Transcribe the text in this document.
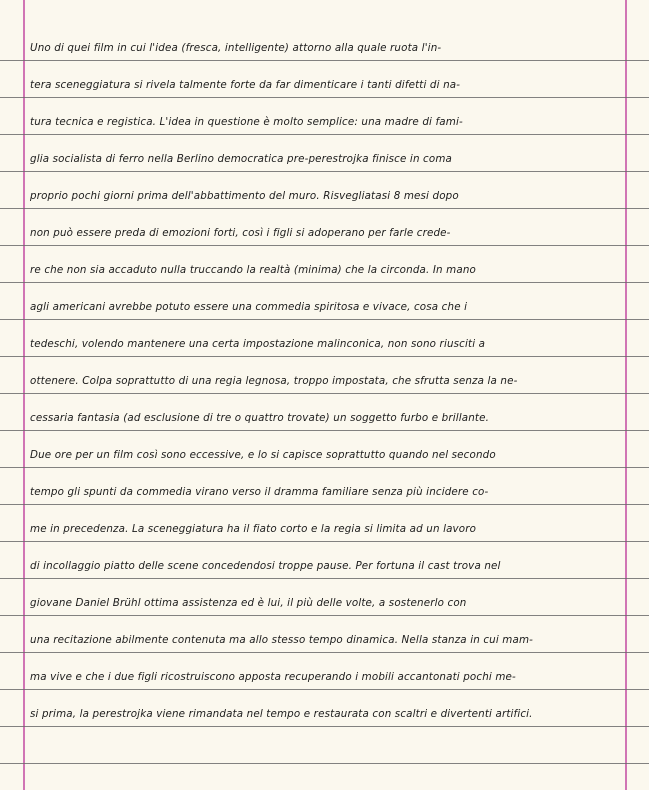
Uno di quei film in cui l'idea (fresca, intelligente) attorno alla quale ruota l'in-
tera sceneggiatura si rivela talmente forte da far dimenticare i tanti difetti di na-
tura tecnica e registica. L'idea in questione è molto semplice: una madre di fami-
glia socialista di ferro nella Berlino democratica pre-perestrojka finisce in coma
proprio pochi giorni prima dell'abbattimento del muro. Risvegliatasi 8 mesi dopo
non può essere preda di emozioni forti, così i figli si adoperano per farle crede-
re che non sia accaduto nulla truccando la realtà (minima) che la circonda. In mano
agli americani avrebbe potuto essere una commedia spiritosa e vivace, cosa che i
tedeschi, volendo mantenere una certa impostazione malinconica, non sono riusciti a
ottenere. Colpa soprattutto di una regia legnosa, troppo impostata, che sfrutta senza la ne-
cessaria fantasia (ad esclusione di tre o quattro trovate) un soggetto furbo e brillante.
Due ore per un film così sono eccessive, e lo si capisce soprattutto quando nel secondo
tempo gli spunti da commedia virano verso il dramma familiare senza più incidere co-
me in precedenza. La sceneggiatura ha il fiato corto e la regia si limita ad un lavoro
di incollaggio piatto delle scene concedendosi troppe pause. Per fortuna il cast trova nel
giovane Daniel Brühl ottima assistenza ed è lui, il più delle volte, a sostenerlo con
una recitazione abilmente contenuta ma allo stesso tempo dinamica. Nella stanza in cui mam-
ma vive e che i due figli ricostruiscono apposta recuperando i mobili accantonati pochi me-
si prima, la perestrojka viene rimandata nel tempo e restaurata con scaltri e divertenti artifici.
